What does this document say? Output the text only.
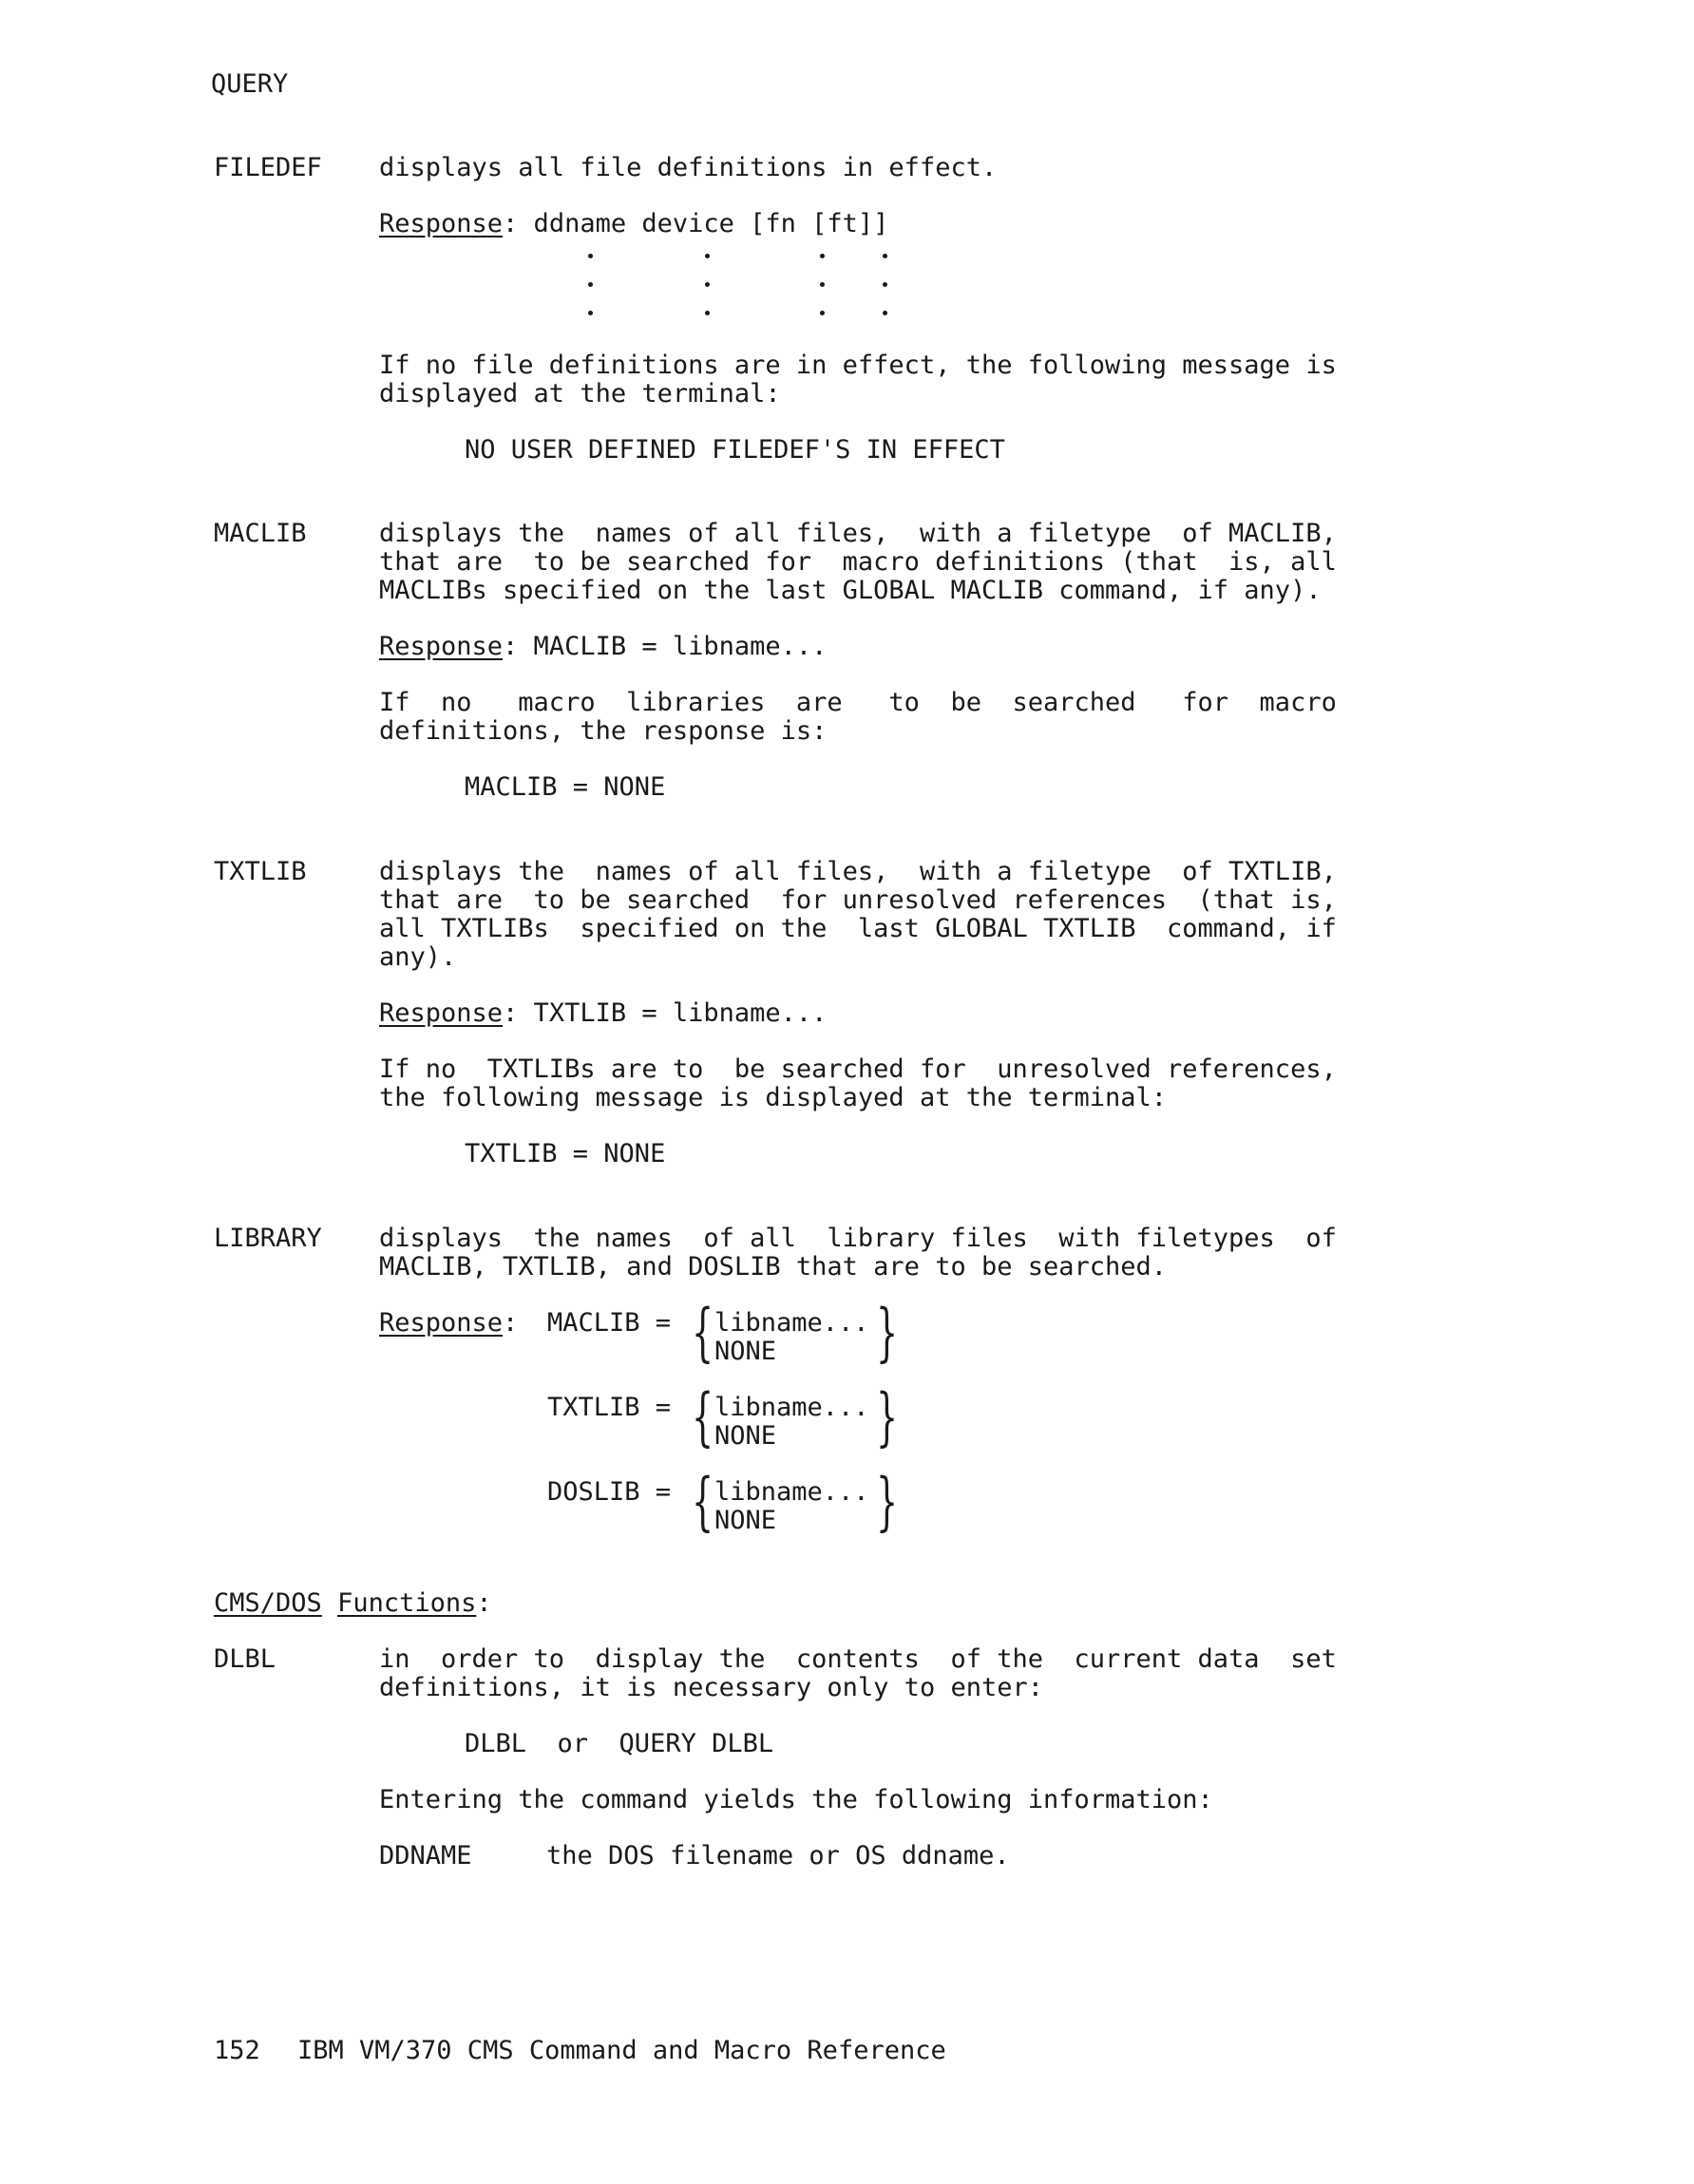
QUERY
FILEDEF displays all file definitions in effect.
Response: ddname device [fn [ft]]
If no file definitions are in effect, the following message is
displayed at the terminal:
NO USER DEFINED FILEDEF'S IN EFFECT
MACLIB	displays the  names of all files,  with a filetype  of MACLIB,
that are  to be searched for  macro definitions (that  is, all
MACLIBs specified on the last GLOBAL MACLIB command, if any).
Response: MACLIB = libname...
If  no   macro  libraries  are   to  be  searched   for  macro
definitions, the response is:
MACLIB = NONE
TXTLIB	displays the  names of all files,  with a filetype  of TXTLIB,
that are  to be searched  for unresolved references  (that is,
all TXTLIBs  specified on the  last GLOBAL TXTLIB  command, if
any).
Response: TXTLIB = libname...
If no  TXTLIBs are to  be searched for  unresolved references,
the following message is displayed at the terminal:
TXTLIB = NONE
LIBRARY displays  the names  of all  library files  with filetypes  of
MACLIB, TXTLIB, and DOSLIB that are to be searched.
Response: MACLIB = { libname...
NONE }
TXTLIB = { libname...
NONE }
DOSLIB = { libname...
NONE }
CMS/DOS Functions:
DLBL	in  order to  display the  contents  of the  current data  set
definitions, it is necessary only to enter:
DLBL  or  QUERY DLBL
Entering the command yields the following information:
DDNAME	the DOS filename or OS ddname.
152 IBM VM/370 CMS Command and Macro Reference
